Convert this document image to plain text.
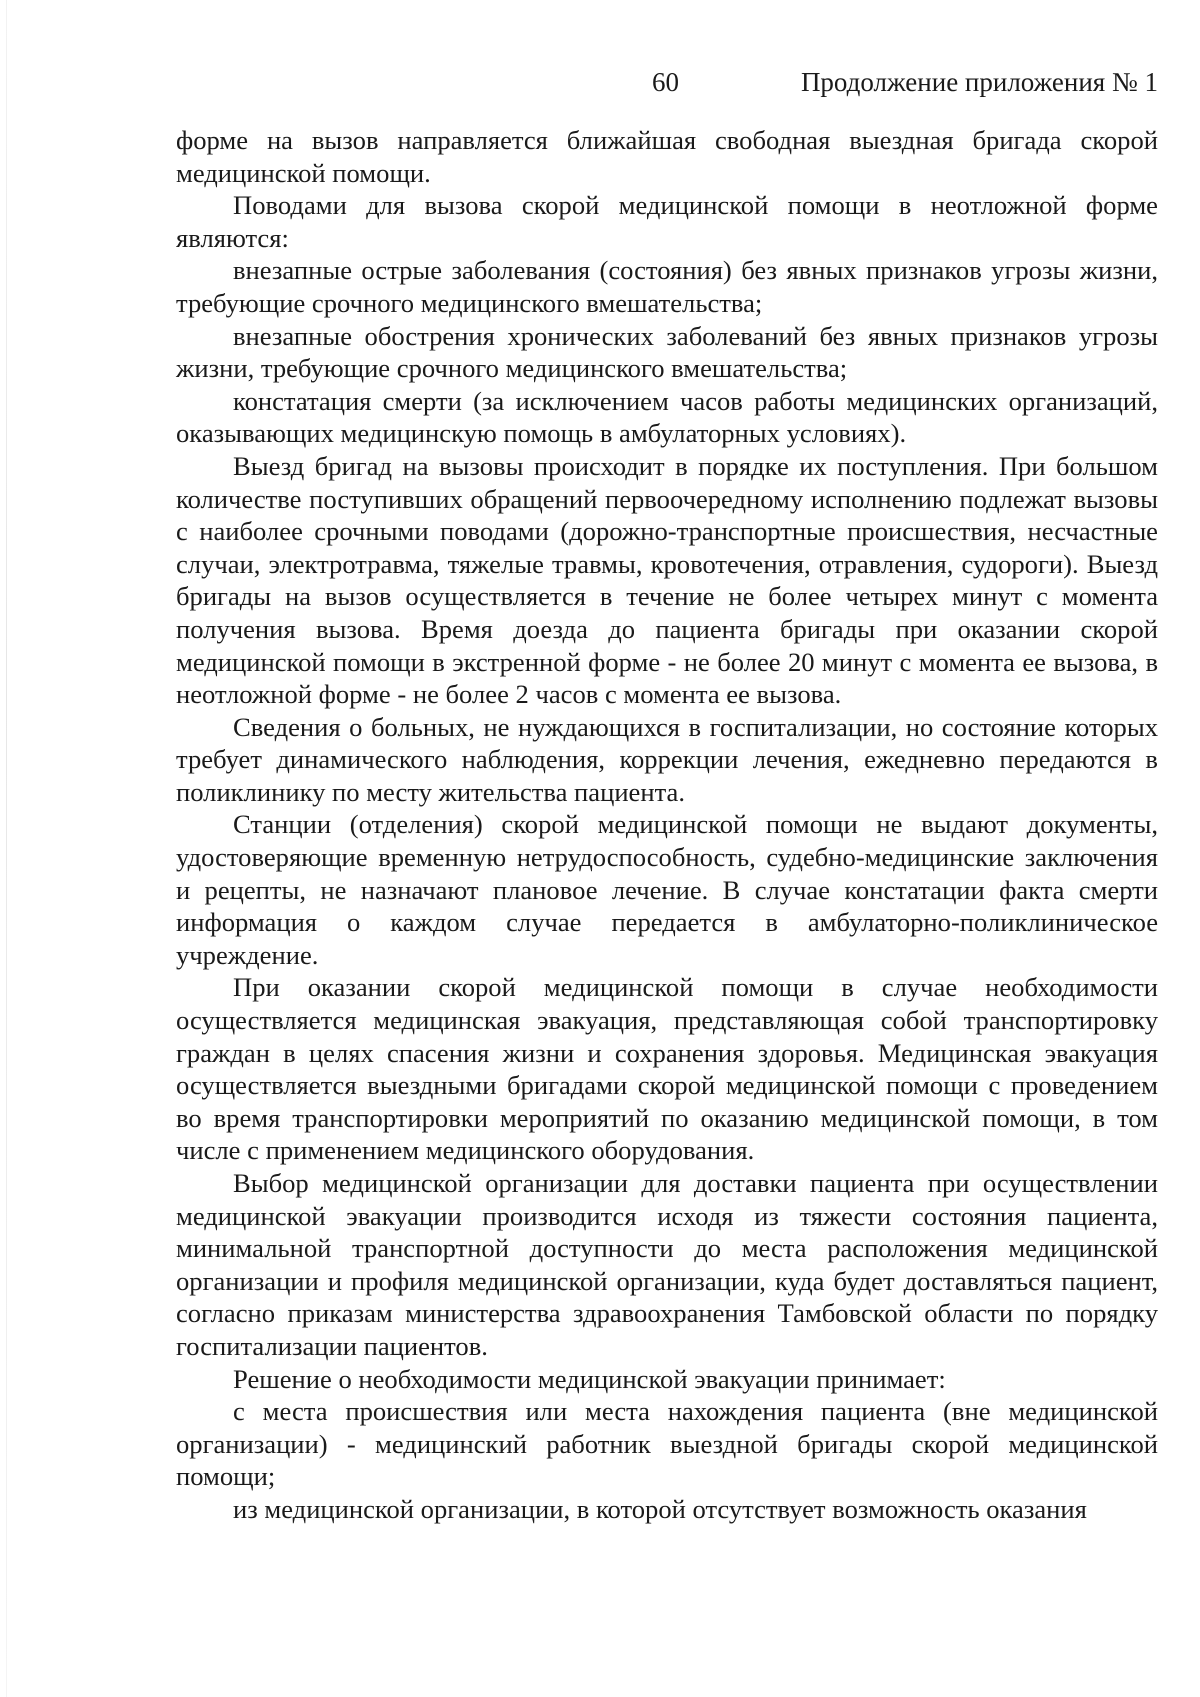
60	Продолжение приложения № 1

форме на вызов направляется ближайшая свободная выездная бригада скорой медицинской помощи.

Поводами для вызова скорой медицинской помощи в неотложной форме являются:

внезапные острые заболевания (состояния) без явных признаков угрозы жизни, требующие срочного медицинского вмешательства;

внезапные обострения хронических заболеваний без явных признаков угрозы жизни, требующие срочного медицинского вмешательства;

констатация смерти (за исключением часов работы медицинских организаций, оказывающих медицинскую помощь в амбулаторных условиях).

Выезд бригад на вызовы происходит в порядке их поступления. При большом количестве поступивших обращений первоочередному исполнению подлежат вызовы с наиболее срочными поводами (дорожно-транспортные происшествия, несчастные случаи, электротравма, тяжелые травмы, кровотечения, отравления, судороги). Выезд бригады на вызов осуществляется в течение не более четырех минут с момента получения вызова. Время доезда до пациента бригады при оказании скорой медицинской помощи в экстренной форме - не более 20 минут с момента ее вызова, в неотложной форме - не более 2 часов с момента ее вызова.

Сведения о больных, не нуждающихся в госпитализации, но состояние которых требует динамического наблюдения, коррекции лечения, ежедневно передаются в поликлинику по месту жительства пациента.

Станции (отделения) скорой медицинской помощи не выдают документы, удостоверяющие временную нетрудоспособность, судебно-медицинские заключения и рецепты, не назначают плановое лечение. В случае констатации факта смерти информация о каждом случае передается в амбулаторно-поликлиническое учреждение.

При оказании скорой медицинской помощи в случае необходимости осуществляется медицинская эвакуация, представляющая собой транспортировку граждан в целях спасения жизни и сохранения здоровья. Медицинская эвакуация осуществляется выездными бригадами скорой медицинской помощи с проведением во время транспортировки мероприятий по оказанию медицинской помощи, в том числе с применением медицинского оборудования.

Выбор медицинской организации для доставки пациента при осуществлении медицинской эвакуации производится исходя из тяжести состояния пациента, минимальной транспортной доступности до места расположения медицинской организации и профиля медицинской организации, куда будет доставляться пациент, согласно приказам министерства здравоохранения Тамбовской области по порядку госпитализации пациентов.

Решение о необходимости медицинской эвакуации принимает:

с места происшествия или места нахождения пациента (вне медицинской организации) - медицинский работник выездной бригады скорой медицинской помощи;

из медицинской организации, в которой отсутствует возможность оказания
